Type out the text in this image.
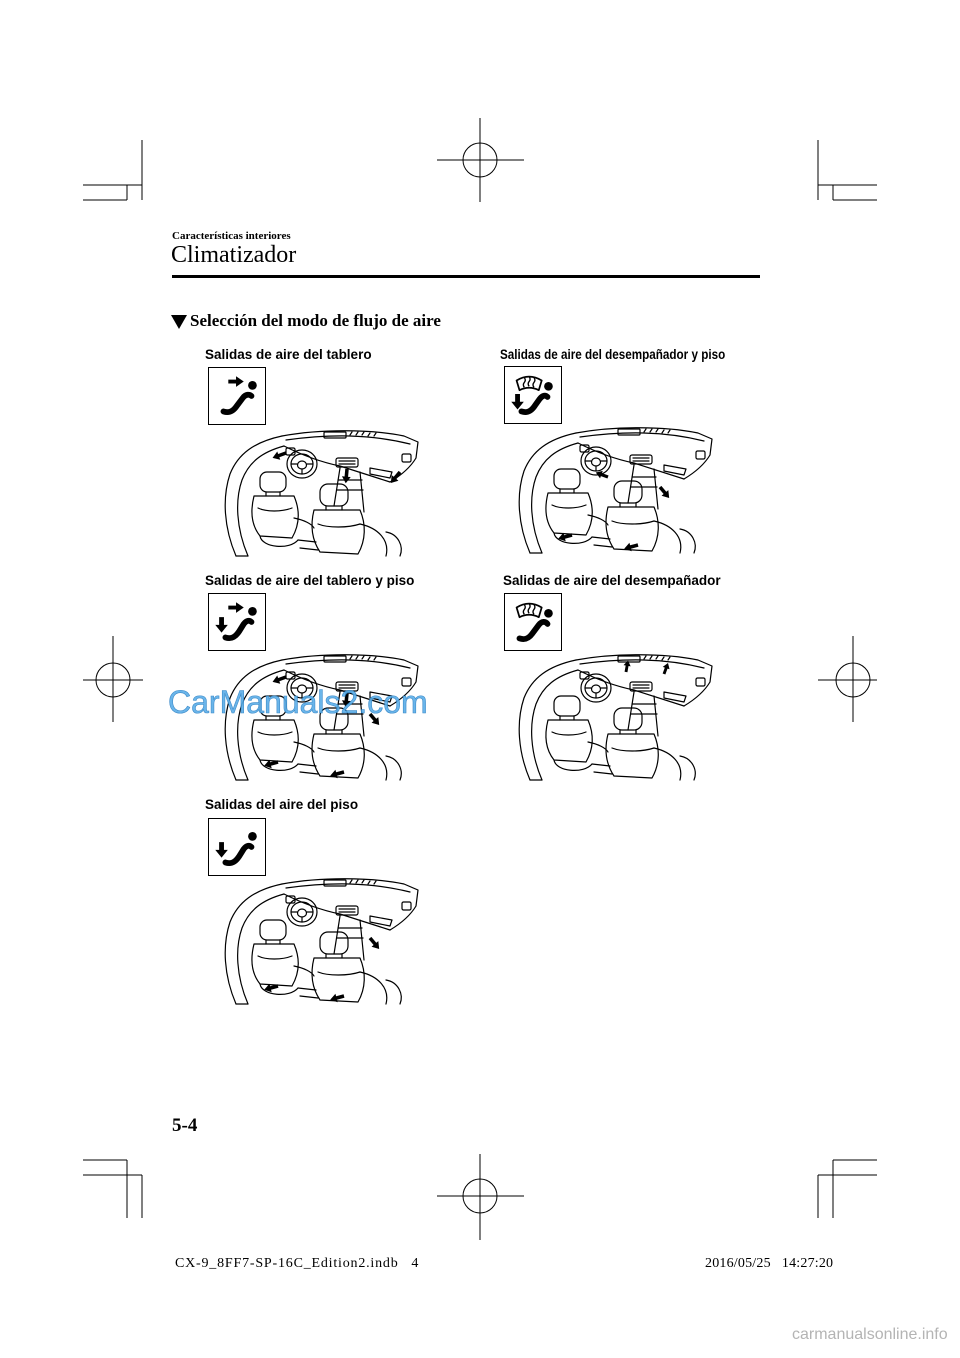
Características interiores
Climatizador
Selección del modo de flujo de aire
Salidas de aire del tablero	Salidas de aire del desempañador y piso
Salidas de aire del tablero y piso	Salidas de aire del desempañador
Salidas del aire del piso
CarManuals2.com
5-4
CX-9_8FF7-SP-16C_Edition2.indb   4	2016/05/25   14:27:20
carmanualsonline.info
